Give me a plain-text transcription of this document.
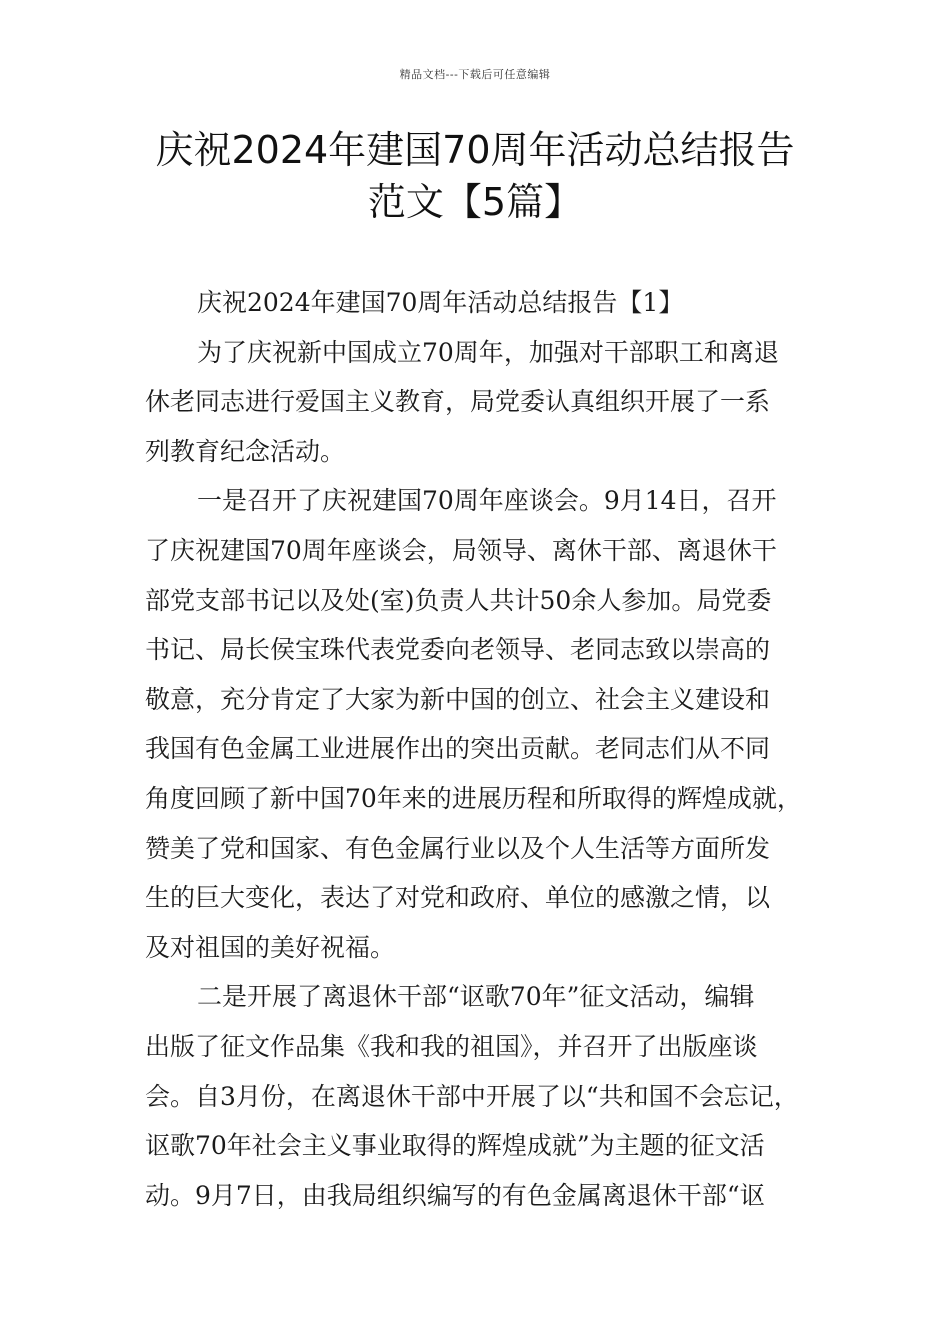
精品文档---下载后可任意编辑
庆祝2024年建国70周年活动总结报告
范文【5篇】
庆祝2024年建国70周年活动总结报告【1】
为了庆祝新中国成立70周年，加强对干部职工和离退
休老同志进行爱国主义教育，局党委认真组织开展了一系
列教育纪念活动。
一是召开了庆祝建国70周年座谈会。9月14日，召开
了庆祝建国70周年座谈会，局领导、离休干部、离退休干
部党支部书记以及处(室)负责人共计50余人参加。局党委
书记、局长侯宝珠代表党委向老领导、老同志致以崇高的
敬意，充分肯定了大家为新中国的创立、社会主义建设和
我国有色金属工业进展作出的突出贡献。老同志们从不同
角度回顾了新中国70年来的进展历程和所取得的辉煌成就，
赞美了党和国家、有色金属行业以及个人生活等方面所发
生的巨大变化，表达了对党和政府、单位的感激之情，以
及对祖国的美好祝福。
二是开展了离退休干部“讴歌70年”征文活动，编辑
出版了征文作品集《我和我的祖国》，并召开了出版座谈
会。自3月份，在离退休干部中开展了以“共和国不会忘记，
讴歌70年社会主义事业取得的辉煌成就”为主题的征文活
动。9月7日，由我局组织编写的有色金属离退休干部“讴
